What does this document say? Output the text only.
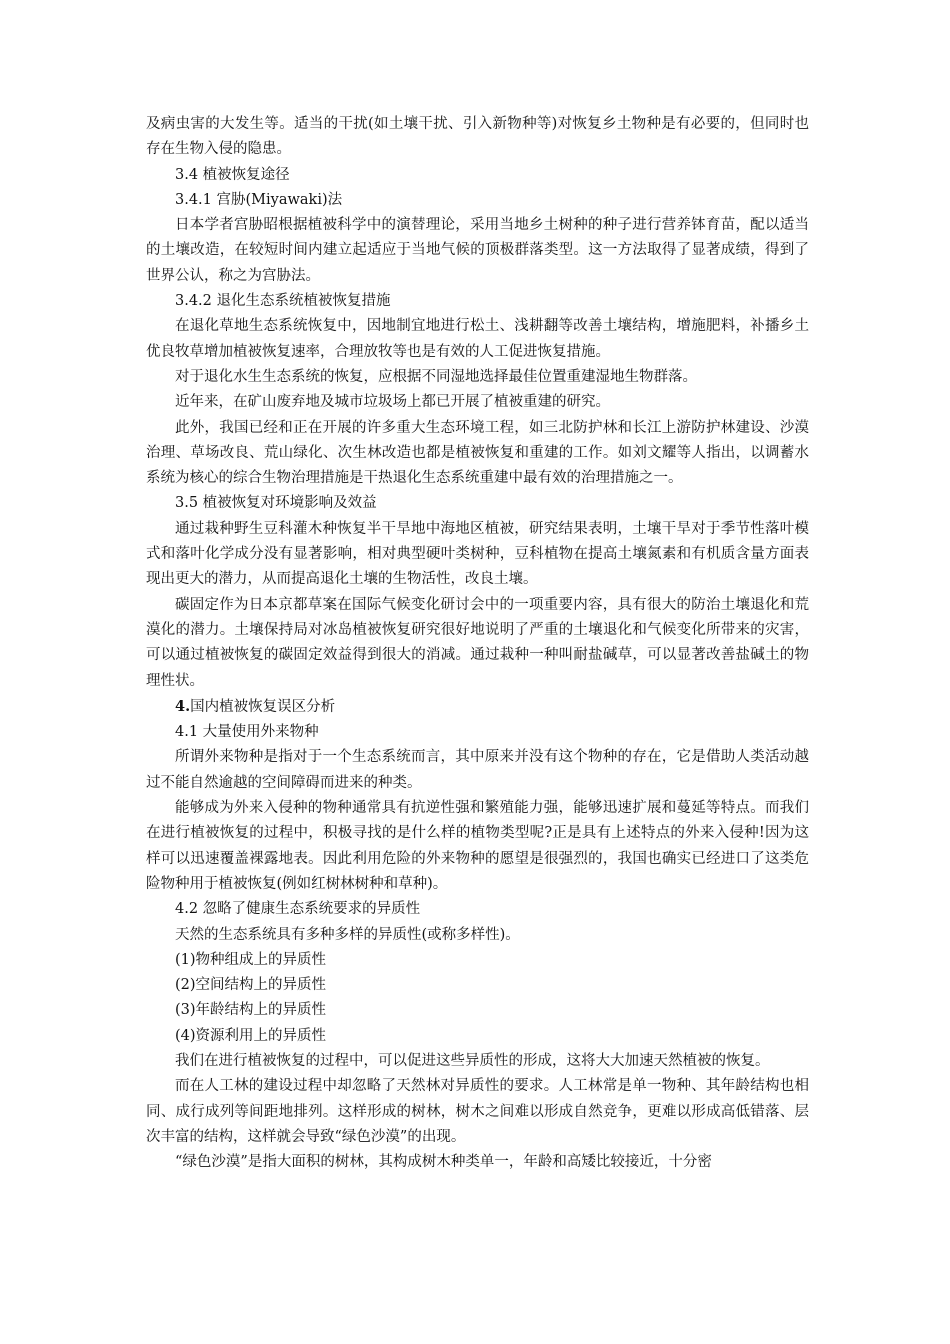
及病虫害的大发生等。适当的干扰(如土壤干扰、引入新物种等)对恢复乡土物种是有必要的，但同时也存在生物入侵的隐患。

3.4 植被恢复途径

3.4.1 宫胁(Miyawaki)法

日本学者宫胁昭根据植被科学中的演替理论，采用当地乡土树种的种子进行营养钵育苗，配以适当的土壤改造，在较短时间内建立起适应于当地气候的顶极群落类型。这一方法取得了显著成绩，得到了世界公认，称之为宫胁法。

3.4.2 退化生态系统植被恢复措施

在退化草地生态系统恢复中，因地制宜地进行松土、浅耕翻等改善土壤结构，增施肥料，补播乡土优良牧草增加植被恢复速率，合理放牧等也是有效的人工促进恢复措施。

对于退化水生生态系统的恢复，应根据不同湿地选择最佳位置重建湿地生物群落。

近年来，在矿山废弃地及城市垃圾场上都已开展了植被重建的研究。

此外，我国已经和正在开展的许多重大生态环境工程，如三北防护林和长江上游防护林建设、沙漠治理、草场改良、荒山绿化、次生林改造也都是植被恢复和重建的工作。如刘文耀等人指出，以调蓄水系统为核心的综合生物治理措施是干热退化生态系统重建中最有效的治理措施之一。

3.5 植被恢复对环境影响及效益

通过栽种野生豆科灌木种恢复半干旱地中海地区植被，研究结果表明，土壤干旱对于季节性落叶模式和落叶化学成分没有显著影响，相对典型硬叶类树种，豆科植物在提高土壤氮素和有机质含量方面表现出更大的潜力，从而提高退化土壤的生物活性，改良土壤。

碳固定作为日本京都草案在国际气候变化研讨会中的一项重要内容，具有很大的防治土壤退化和荒漠化的潜力。土壤保持局对冰岛植被恢复研究很好地说明了严重的土壤退化和气候变化所带来的灾害，可以通过植被恢复的碳固定效益得到很大的消减。通过栽种一种叫耐盐碱草，可以显著改善盐碱土的物理性状。

4.国内植被恢复误区分析

4.1 大量使用外来物种

所谓外来物种是指对于一个生态系统而言，其中原来并没有这个物种的存在，它是借助人类活动越过不能自然逾越的空间障碍而进来的种类。

能够成为外来入侵种的物种通常具有抗逆性强和繁殖能力强，能够迅速扩展和蔓延等特点。而我们在进行植被恢复的过程中，积极寻找的是什么样的植物类型呢?正是具有上述特点的外来入侵种!因为这样可以迅速覆盖裸露地表。因此利用危险的外来物种的愿望是很强烈的，我国也确实已经进口了这类危险物种用于植被恢复(例如红树林树种和草种)。

4.2 忽略了健康生态系统要求的异质性

天然的生态系统具有多种多样的异质性(或称多样性)。

(1)物种组成上的异质性

(2)空间结构上的异质性

(3)年龄结构上的异质性

(4)资源利用上的异质性

我们在进行植被恢复的过程中，可以促进这些异质性的形成，这将大大加速天然植被的恢复。

而在人工林的建设过程中却忽略了天然林对异质性的要求。人工林常是单一物种、其年龄结构也相同、成行成列等间距地排列。这样形成的树林，树木之间难以形成自然竞争，更难以形成高低错落、层次丰富的结构，这样就会导致“绿色沙漠”的出现。

“绿色沙漠”是指大面积的树林，其构成树木种类单一，年龄和高矮比较接近，十分密
